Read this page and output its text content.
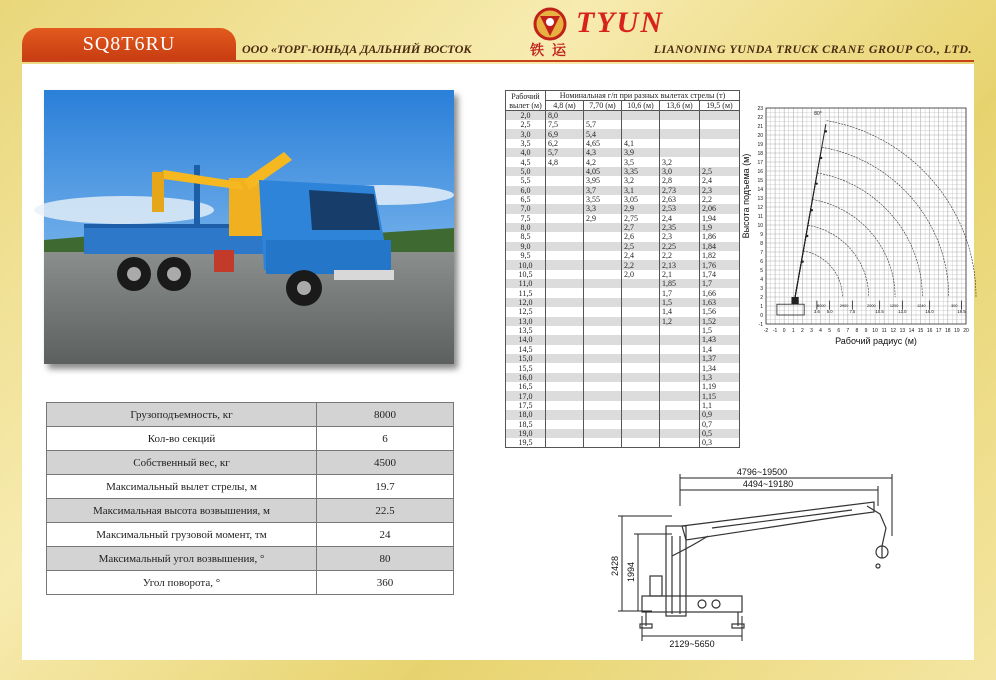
SQ8T6RU	ООО «ТОРГ-ЮНЬДА ДАЛЬНИЙ ВОСТОК
TYUN
铁运	LIANONING YUNDA TRUCK CRANE GROUP CO., LTD.
Грузоподъемность, кг	8000
Кол-во секций	6
Собственный вес, кг	4500
Максимальный вылет стрелы, м	19.7
Максимальная высота возвышения, м	22.5
Максимальный грузовой момент, тм	24
Максимальный угол возвышения, °	80
Угол поворота, °	360
Рабочий вылет (м)	Номинальная г/п при разных вылетах стрелы (т)				
	4,8 (м)	7,70 (м)	10,6 (м)	13,6 (м)	19,5 (м)
2,0	8,0				
2,5	7,5	5,7			
3,0	6,9	5,4			
3,5	6,2	4,65	4,1		
4,0	5,7	4,3	3,9		
4,5	4,8	4,2	3,5	3,2	
5,0		4,05	3,35	3,0	2,5
5,5		3,95	3,2	2,8	2,4
6,0		3,7	3,1	2,73	2,3
6,5		3,55	3,05	2,63	2,2
7,0		3,3	2,9	2,53	2,06
7,5		2,9	2,75	2,4	1,94
8,0			2,7	2,35	1,9
8,5			2,6	2,3	1,86
9,0			2,5	2,25	1,84
9,5			2,4	2,2	1,82
10,0			2,2	2,13	1,76
10,5			2,0	2,1	1,74
11,0				1,85	1,7
11,5				1,7	1,66
12,0				1,5	1,63
12,5				1,4	1,56
13,0				1,2	1,52
13,5					1,5
14,0					1,43
14,5					1,4
15,0					1,37
15,5					1,34
16,0					1,3
16,5					1,19
17,0					1,15
17,5					1,1
18,0					0,9
18,5					0,7
19,0					0,5
19,5					0,3
-2 -1 0 1 2 3 4 5 6 7 8 9 10 11 12 13 14 15 16 17 18 19 20
-1
0
1
2
3
4
5
6
7
8
9
10
11
12
13
14
15
16
17
18
19
20
21
22
23
Рабочий радиус (м)
Высота подъема (м)
80°
3.6 5.0	7.5	10.5	13.0	16.0	19.5
8000	2900	2000	1200	1240	300
4796~19500
4494~19180
2428 1994
2129~5650
